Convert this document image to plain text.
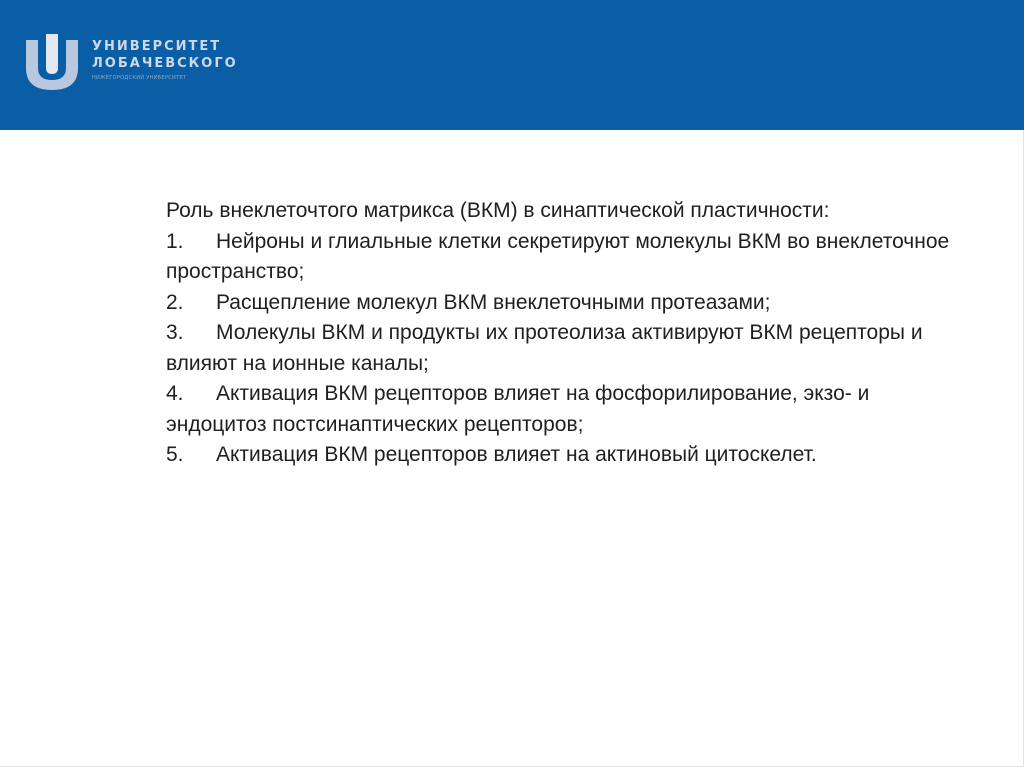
УНИВЕРСИТЕТ
ЛОБАЧЕВСКОГО
НИЖЕГОРОДСКИЙ УНИВЕРСИТЕТ

Роль внеклеточтого матрикса (ВКМ) в синаптической пластичности:

1. Нейроны и глиальные клетки секретируют молекулы ВКМ во внеклеточное пространство;

2. Расщепление молекул ВКМ внеклеточными протеазами;

3. Молекулы ВКМ и продукты их протеолиза активируют ВКМ рецепторы и влияют на ионные каналы;

4. Активация ВКМ рецепторов влияет на фосфорилирование, экзо- и эндоцитоз постсинаптических рецепторов;

5. Активация ВКМ рецепторов влияет на актиновый цитоскелет.
